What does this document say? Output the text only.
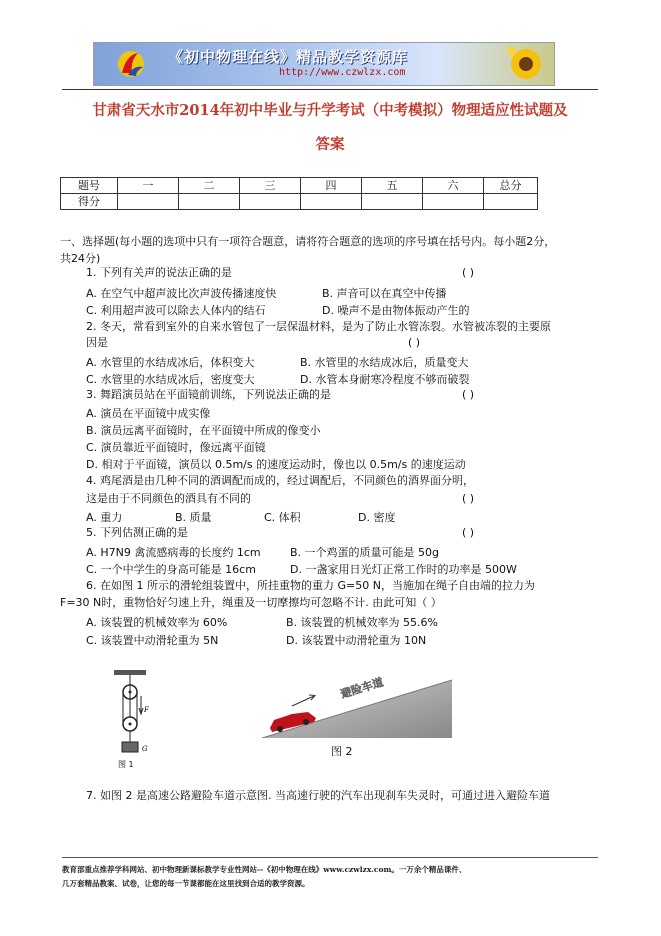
《初中物理在线》精品教学资源库
http://www.czwlzx.com
甘肃省天水市2014年初中毕业与升学考试（中考模拟）物理适应性试题及
答案
题号	一	二	三	四	五	六	总分
得分							
一、选择题(每小题的选项中只有一项符合题意，请将符合题意的选项的序号填在括号内。每小题2分，
共24分)
1. 下列有关声的说法正确的是	( )
A. 在空气中超声波比次声波传播速度快	B. 声音可以在真空中传播
C. 利用超声波可以除去人体内的结石	D. 噪声不是由物体振动产生的
2. 冬天，常看到室外的自来水管包了一层保温材料，是为了防止水管冻裂。水管被冻裂的主要原
因是	( )
A. 水管里的水结成冰后，体积变大	B. 水管里的水结成冰后，质量变大
C. 水管里的水结成冰后，密度变大	D. 水管本身耐寒冷程度不够而破裂
3. 舞蹈演员站在平面镜前训练，下列说法正确的是	( )
A. 演员在平面镜中成实像
B. 演员远离平面镜时，在平面镜中所成的像变小
C. 演员靠近平面镜时，像远离平面镜
D. 相对于平面镜，演员以 0.5m/s 的速度运动时，像也以 0.5m/s 的速度运动
4. 鸡尾酒是由几种不同的酒调配而成的，经过调配后，不同颜色的酒界面分明，
这是由于不同颜色的酒具有不同的	( )
A. 重力	B. 质量	C. 体积	D. 密度
5. 下列估测正确的是	( )
A. H7N9 禽流感病毒的长度约 1cm	B. 一个鸡蛋的质量可能是 50g
C. 一个中学生的身高可能是 16cm	D. 一盏家用日光灯正常工作时的功率是 500W
6. 在如图 1 所示的滑轮组装置中，所挂重物的重力 G=50 N，当施加在绳子自由端的拉力为
F=30 N时，重物恰好匀速上升，绳重及一切摩擦均可忽略不计. 由此可知（ ）
A. 该装置的机械效率为 60%	B. 该装置的机械效率为 55.6%
C. 该装置中动滑轮重为 5N	D. 该装置中动滑轮重为 10N
F
G
图 1
避险车道
图 2
7. 如图 2 是高速公路避险车道示意图. 当高速行驶的汽车出现刹车失灵时，可通过进入避险车道
教育部重点推荐学科网站、初中物理新课标教学专业性网站--《初中物理在线》www.czwlzx.com。一万余个精品课件、
几万套精品教案、试卷，让您的每一节课都能在这里找到合适的教学资源。
